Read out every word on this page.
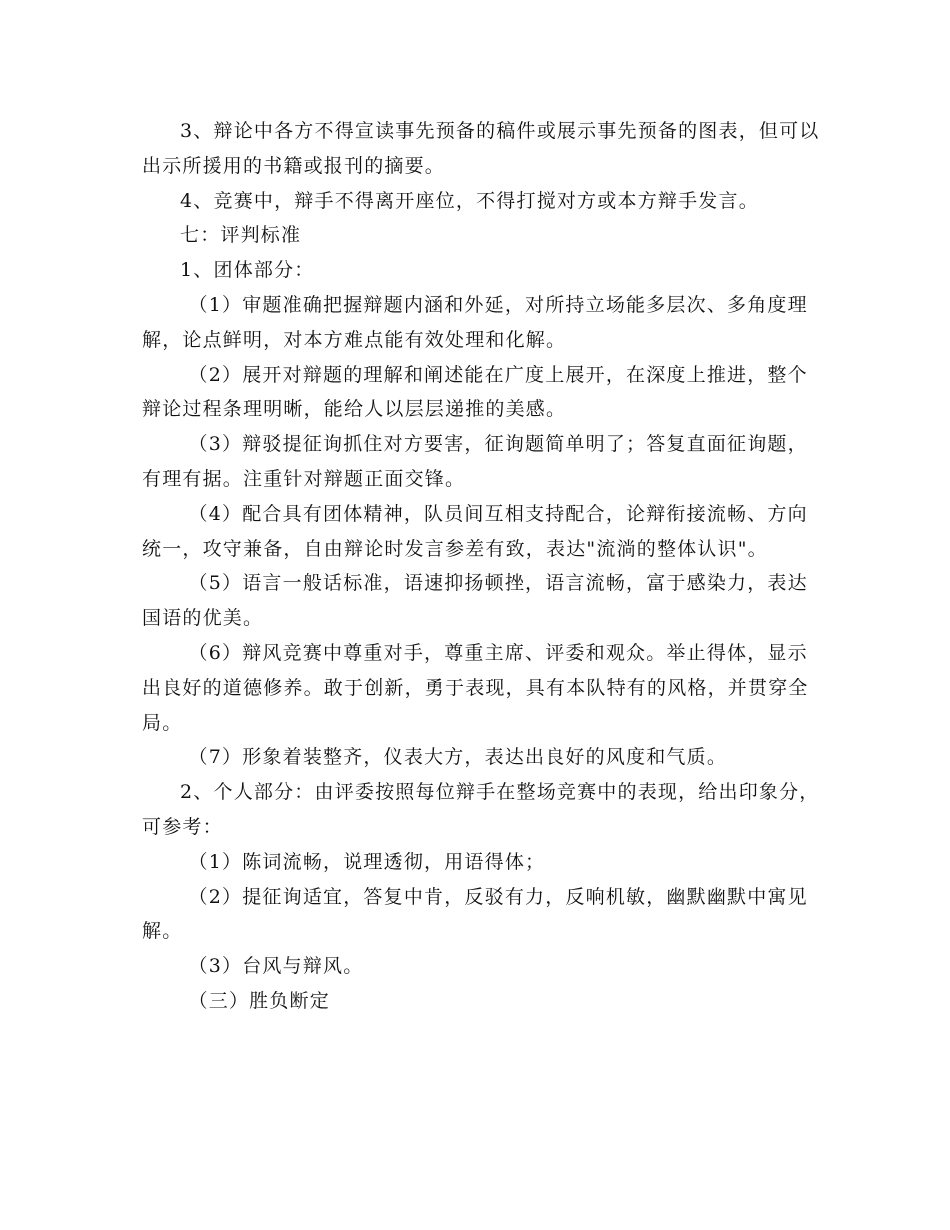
3、辩论中各方不得宣读事先预备的稿件或展示事先预备的图表，但可以出示所援用的书籍或报刊的摘要。

4、竞赛中，辩手不得离开座位，不得打搅对方或本方辩手发言。

七：评判标准

1、团体部分：

（1）审题准确把握辩题内涵和外延，对所持立场能多层次、多角度理解，论点鲜明，对本方难点能有效处理和化解。

（2）展开对辩题的理解和阐述能在广度上展开，在深度上推进，整个辩论过程条理明晰，能给人以层层递推的美感。

（3）辩驳提征询抓住对方要害，征询题简单明了；答复直面征询题，有理有据。注重针对辩题正面交锋。

（4）配合具有团体精神，队员间互相支持配合，论辩衔接流畅、方向统一，攻守兼备，自由辩论时发言参差有致，表达"流淌的整体认识"。

（5）语言一般话标准，语速抑扬顿挫，语言流畅，富于感染力，表达国语的优美。

（6）辩风竞赛中尊重对手，尊重主席、评委和观众。举止得体，显示出良好的道德修养。敢于创新，勇于表现，具有本队特有的风格，并贯穿全局。

（7）形象着装整齐，仪表大方，表达出良好的风度和气质。

2、个人部分：由评委按照每位辩手在整场竞赛中的表现，给出印象分，可参考：

（1）陈词流畅，说理透彻，用语得体；

（2）提征询适宜，答复中肯，反驳有力，反响机敏，幽默幽默中寓见解。

（3）台风与辩风。

（三）胜负断定
